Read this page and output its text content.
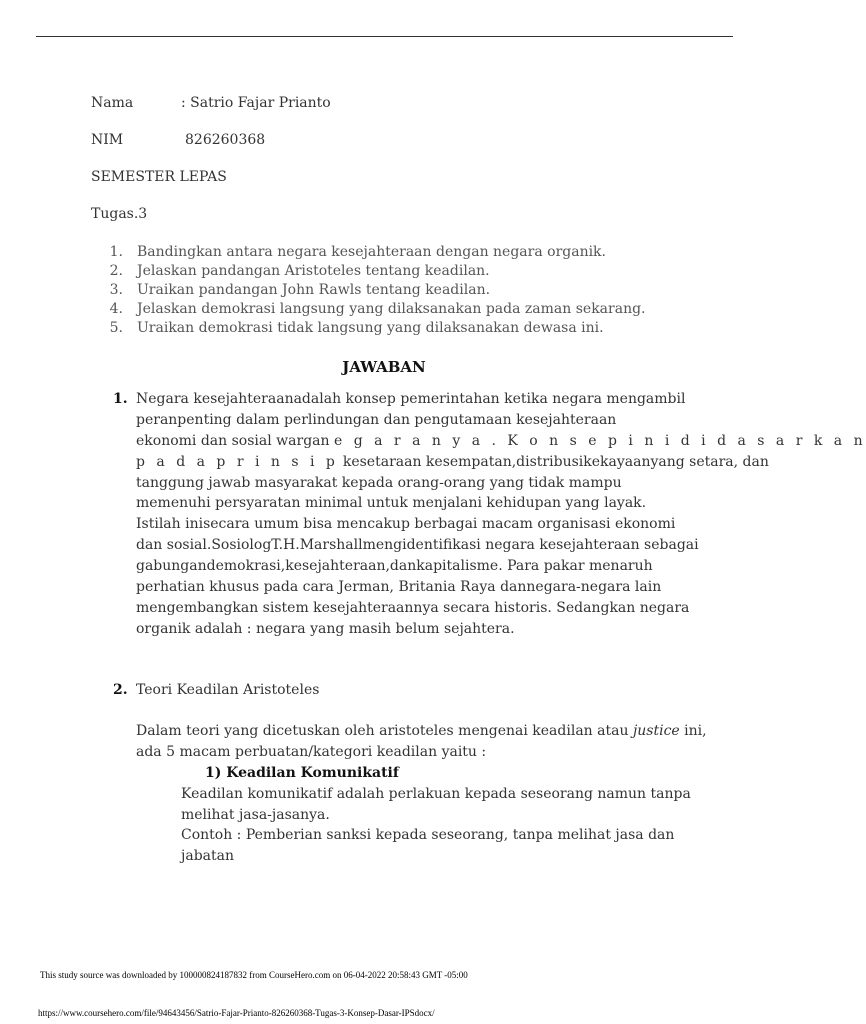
Nama	: Satrio Fajar Prianto
NIM	826260368
SEMESTER LEPAS
Tugas.3
1. Bandingkan antara negara kesejahteraan dengan negara organik.
2. Jelaskan pandangan Aristoteles tentang keadilan.
3. Uraikan pandangan John Rawls tentang keadilan.
4. Jelaskan demokrasi langsung yang dilaksanakan pada zaman sekarang.
5. Uraikan demokrasi tidak langsung yang dilaksanakan dewasa ini.
JAWABAN
1. Negara kesejahteraanadalah konsep pemerintahan ketika negara mengambil
peranpenting dalam perlindungan dan pengutamaan kesejahteraan
ekonomi dan sosial wargan e g a r a n y a . K o n s e p i n i d i d a s a r k a n
p a d a p r i n s i p kesetaraan kesempatan,distribusikekayaanyang setara, dan
tanggung jawab masyarakat kepada orang-orang yang tidak mampu
memenuhi persyaratan minimal untuk menjalani kehidupan yang layak.
Istilah inisecara umum bisa mencakup berbagai macam organisasi ekonomi
dan sosial.SosiologT.H.Marshallmengidentifikasi negara kesejahteraan sebagai
gabungandemokrasi,kesejahteraan,dankapitalisme. Para pakar menaruh
perhatian khusus pada cara Jerman, Britania Raya dannegara-negara lain
mengembangkan sistem kesejahteraannya secara historis. Sedangkan negara
organik adalah : negara yang masih belum sejahtera.
2. Teori Keadilan Aristoteles
Dalam teori yang dicetuskan oleh aristoteles mengenai keadilan atau justice ini,
ada 5 macam perbuatan/kategori keadilan yaitu :
1) Keadilan Komunikatif
Keadilan komunikatif adalah perlakuan kepada seseorang namun tanpa
melihat jasa-jasanya.
Contoh : Pemberian sanksi kepada seseorang, tanpa melihat jasa dan
jabatan
This study source was downloaded by 100000824187832 from CourseHero.com on 06-04-2022 20:58:43 GMT -05:00
https://www.coursehero.com/file/94643456/Satrio-Fajar-Prianto-826260368-Tugas-3-Konsep-Dasar-IPSdocx/
